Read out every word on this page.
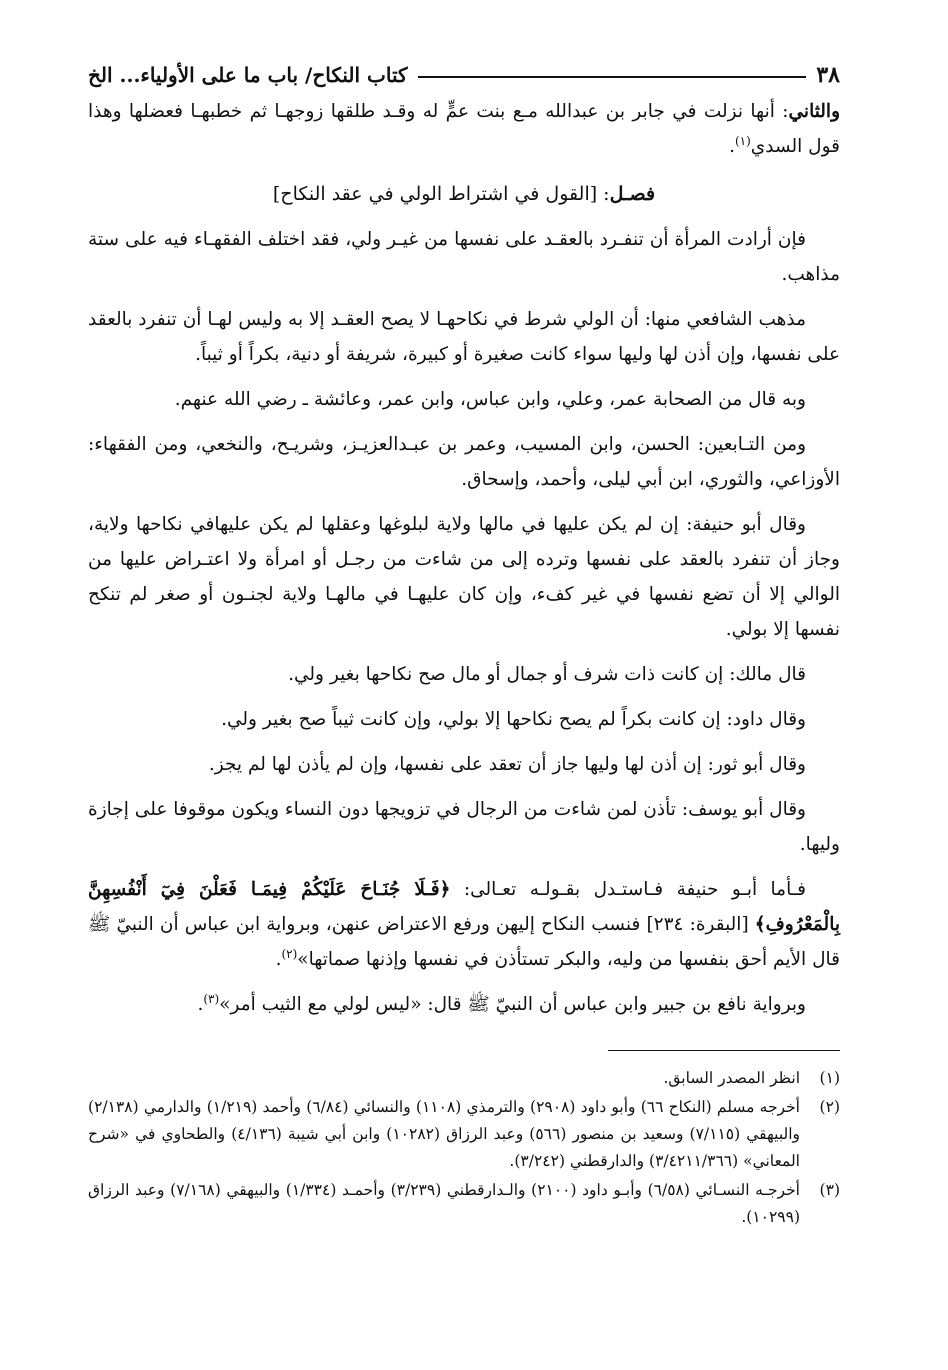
٣٨
كتاب النكاح/ باب ما على الأولياء... الخ

والثاني: أنها نزلت في جابر بن عبدالله مـع بنت عمٍّ له وقـد طلقها زوجهـا ثم خطبهـا فعضلها وهذا قول السدي$^{(١)}$.

فصـل: [القول في اشتراط الولي في عقد النكاح]

فإن أرادت المرأة أن تنفـرد بالعقـد على نفسها من غيـر ولي، فقد اختلف الفقهـاء فيه على ستة مذاهب.

مذهب الشافعي منها: أن الولي شرط في نكاحهـا لا يصح العقـد إلا به وليس لهـا أن تنفرد بالعقد على نفسها، وإن أذن لها وليها سواء كانت صغيرة أو كبيرة، شريفة أو دنية، بكراً أو ثيباً.

وبه قال من الصحابة عمر، وعلي، وابن عباس، وابن عمر، وعائشة ـ رضي الله عنهم.

ومن التـابعين: الحسن، وابن المسيب، وعمر بن عبـدالعزيـز، وشريـح، والنخعي، ومن الفقهاء: الأوزاعي، والثوري، ابن أبي ليلى، وأحمد، وإسحاق.

وقال أبو حنيفة: إن لم يكن عليها في مالها ولاية لبلوغها وعقلها لم يكن عليهافي نكاحها ولاية، وجاز أن تنفرد بالعقد على نفسها وترده إلى من شاءت من رجـل أو امرأة ولا اعتـراض عليها من الوالي إلا أن تضع نفسها في غير كفء، وإن كان عليهـا في مالهـا ولاية لجنـون أو صغر لم تنكح نفسها إلا بولي.

قال مالك: إن كانت ذات شرف أو جمال أو مال صح نكاحها بغير ولي.

وقال داود: إن كانت بكراً لم يصح نكاحها إلا بولي، وإن كانت ثيباً صح بغير ولي.

وقال أبو ثور: إن أذن لها وليها جاز أن تعقد على نفسها، وإن لم يأذن لها لم يجز.

وقال أبو يوسف: تأذن لمن شاءت من الرجال في تزويجها دون النساء ويكون موقوفا على إجازة وليها.

فـأما أبـو حنيفة فـاستـدل بقـولـه تعـالى: ﴿فَـلَا جُنَـاحَ عَلَيْكُمْ فِيمَـا فَعَلْنَ فِيٓ أَنْفُسِهِنَّ بِالْمَعْرُوفِ﴾ [البقرة: ٢٣٤] فنسب النكاح إليهن ورفع الاعتراض عنهن، وبرواية ابن عباس أن النبيّ ﷺ قال الأيم أحق بنفسها من وليه، والبكر تستأذن في نفسها وإذنها صماتها»$^{(٢)}$.

وبرواية نافع بن جبير وابن عباس أن النبيّ ﷺ قال: «ليس لولي مع الثيب أمر»$^{(٣)}$.

(١)
انظر المصدر السابق.
(٢)
أخرجه مسلم (النكاح ٦٦) وأبو داود (٢٩٠٨) والترمذي (١١٠٨) والنسائي (٦/٨٤) وأحمد (١/٢١٩) والدارمي (٢/١٣٨) والبيهقي (٧/١١٥) وسعيد بن منصور (٥٦٦) وعبد الرزاق (١٠٢٨٢) وابن أبي شيبة (٤/١٣٦) والطحاوي في «شرح المعاني» (٣/٤٢١١/٣٦٦) والدارقطني (٣/٢٤٢).
(٣)
أخرجـه النسـائي (٦/٥٨) وأبـو داود (٢١٠٠) والـدارقطني (٣/٢٣٩) وأحمـد (١/٣٣٤) والبيهقي (٧/١٦٨) وعبد الرزاق (١٠٢٩٩).
